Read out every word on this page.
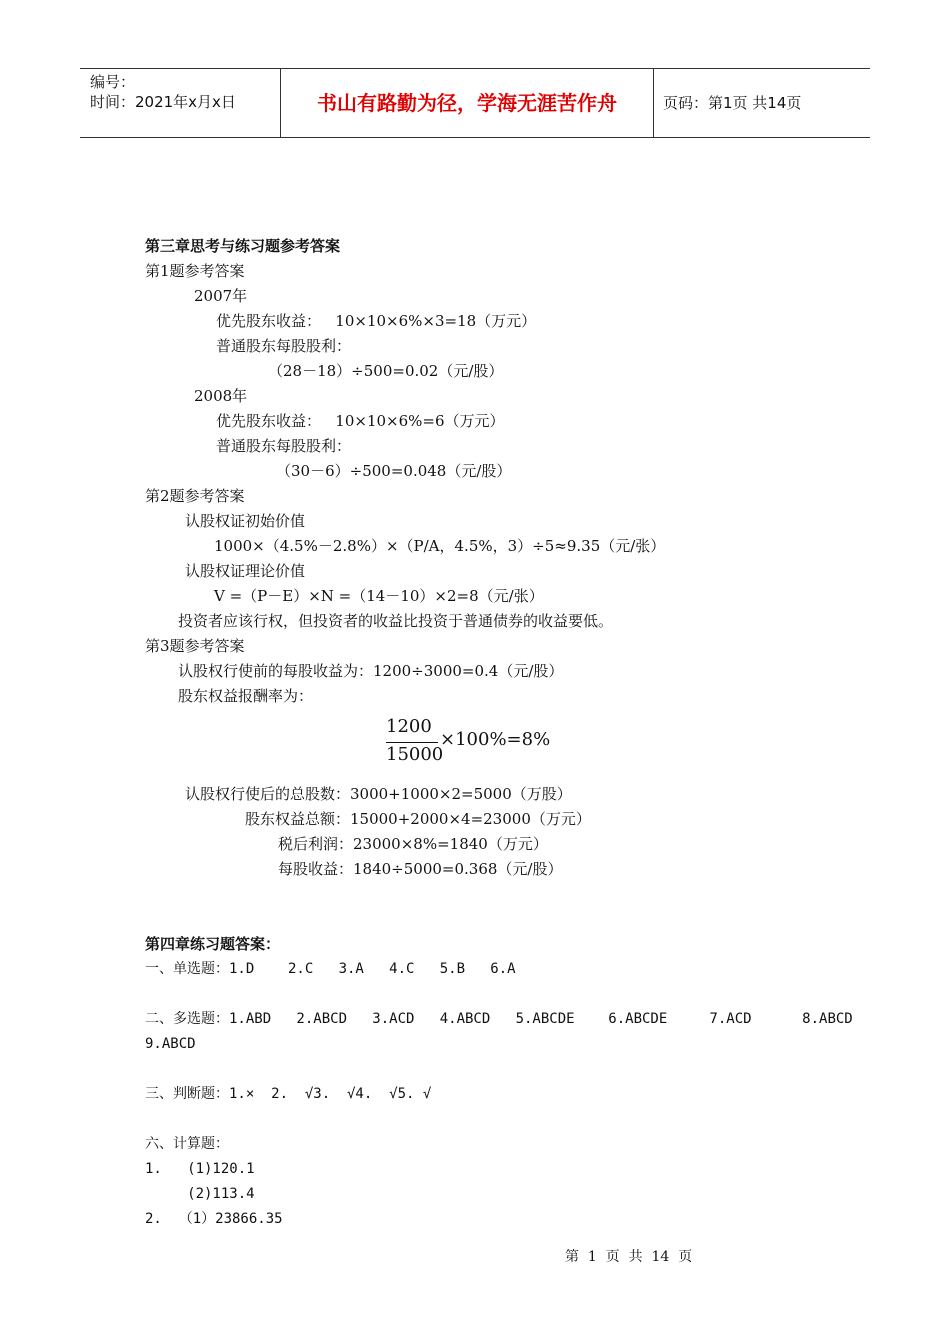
编号：
时间：2021年x月x日	书山有路勤为径，学海无涯苦作舟	页码：第1页 共14页
第三章思考与练习题参考答案
第1题参考答案
2007年
优先股东收益：   10×10×6%×3=18（万元）
普通股东每股股利：
（28－18）÷500=0.02（元/股）
2008年
优先股东收益：   10×10×6%=6（万元）
普通股东每股股利：
（30－6）÷500=0.048（元/股）
第2题参考答案
认股权证初始价值
1000×（4.5%－2.8%）×（P/A，4.5%，3）÷5≈9.35（元/张）
认股权证理论价值
V =（P－E）×N =（14－10）×2=8（元/张）
投资者应该行权，但投资者的收益比投资于普通债券的收益要低。
第3题参考答案
认股权行使前的每股收益为：1200÷3000=0.4（元/股）
股东权益报酬率为：
1200
15000
×100%=8%
认股权行使后的总股数：3000+1000×2=5000（万股）
股东权益总额：15000+2000×4=23000（万元）
税后利润：23000×8%=1840（万元）
每股收益：1840÷5000=0.368（元/股）
第四章练习题答案：
一、单选题：1.D    2.C   3.A   4.C   5.B   6.A
二、多选题：1.ABD   2.ABCD   3.ACD   4.ABCD   5.ABCDE    6.ABCDE     7.ACD      8.ABCD
9.ABCD
三、判断题：1.×  2.  √3.  √4.  √5. √
六、计算题：
1.   (1)120.1
(2)113.4
2.  （1）23866.35
第  1  页  共  14  页
